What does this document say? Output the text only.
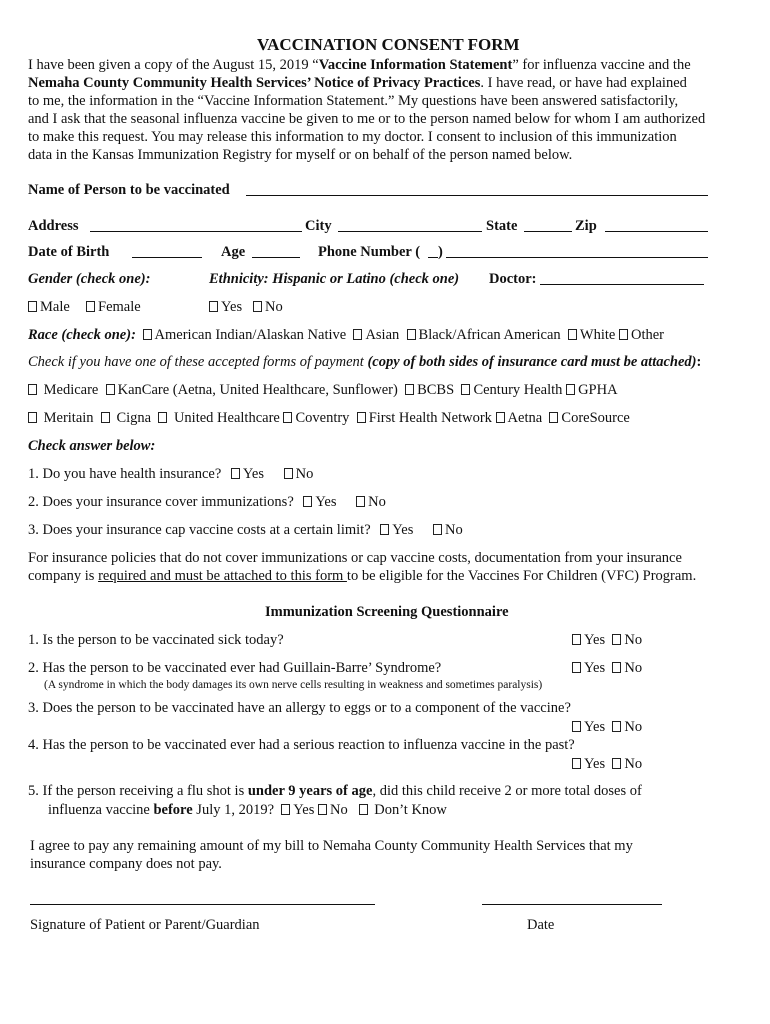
VACCINATION CONSENT FORM
I have been given a copy of the August 15, 2019 “Vaccine Information Statement” for influenza vaccine and the
Nemaha County Community Health Services’ Notice of Privacy Practices. I have read, or have had explained
to me, the information in the “Vaccine Information Statement.” My questions have been answered satisfactorily,
and I ask that the seasonal influenza vaccine be given to me or to the person named below for whom I am authorized
to make this request. You may release this information to my doctor. I consent to inclusion of this immunization
data in the Kansas Immunization Registry for myself or on behalf of the person named below.
Name of Person to be vaccinated
Address	City	State	Zip
Date of Birth	Age	Phone Number ( )
Gender (check one):	Ethnicity: Hispanic or Latino (check one) Doctor:
Male	Female	Yes	No
Race (check one): American Indian/Alaskan Native Asian Black/African American White Other
Check if you have one of these accepted forms of payment (copy of both sides of insurance card must be attached):
Medicare KanCare (Aetna, United Healthcare, Sunflower) BCBS Century Health GPHA
Meritain Cigna United Healthcare Coventry First Health Network Aetna CoreSource
Check answer below:
1. Do you have health insurance? Yes No
2. Does your insurance cover immunizations? Yes No
3. Does your insurance cap vaccine costs at a certain limit? Yes No
For insurance policies that do not cover immunizations or cap vaccine costs, documentation from your insurance
company is required and must be attached to this form to be eligible for the Vaccines For Children (VFC) Program.
Immunization Screening Questionnaire
1. Is the person to be vaccinated sick today?	Yes No
2. Has the person to be vaccinated ever had Guillain-Barre’ Syndrome?	Yes No
(A syndrome in which the body damages its own nerve cells resulting in weakness and sometimes paralysis)
3. Does the person to be vaccinated have an allergy to eggs or to a component of the vaccine?
Yes No
4. Has the person to be vaccinated ever had a serious reaction to influenza vaccine in the past?
Yes No
5. If the person receiving a flu shot is under 9 years of age, did this child receive 2 or more total doses of
influenza vaccine before July 1, 2019? Yes No Don’t Know
I agree to pay any remaining amount of my bill to Nemaha County Community Health Services that my
insurance company does not pay.
Signature of Patient or Parent/Guardian	Date
